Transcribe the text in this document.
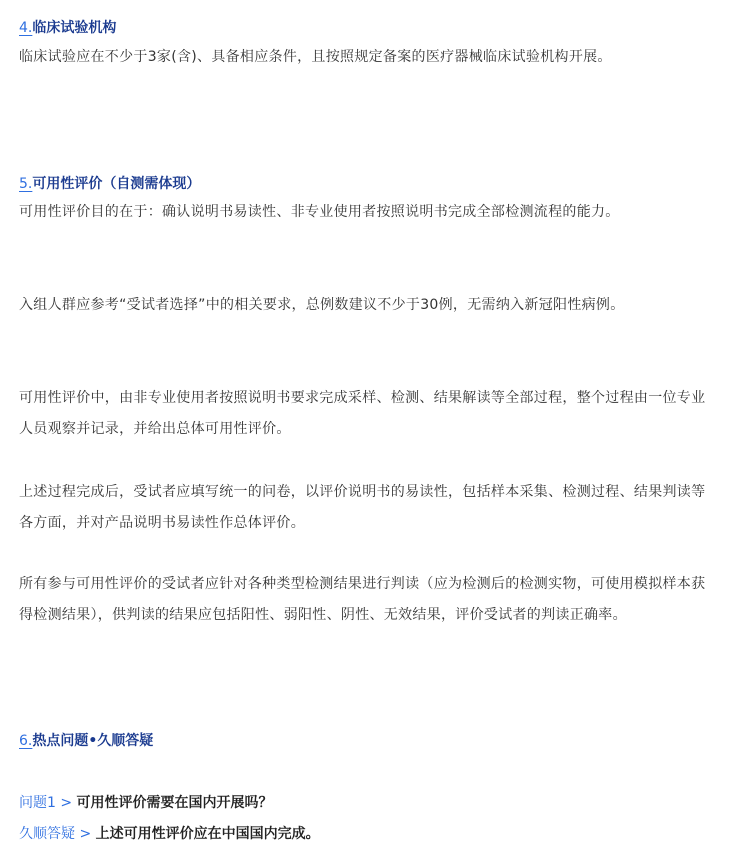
4.临床试验机构
临床试验应在不少于3家(含)、具备相应条件，且按照规定备案的医疗器械临床试验机构开展。
5.可用性评价（自测需体现）
可用性评价目的在于：确认说明书易读性、非专业使用者按照说明书完成全部检测流程的能力。
入组人群应参考“受试者选择”中的相关要求，总例数建议不少于30例，无需纳入新冠阳性病例。
可用性评价中，由非专业使用者按照说明书要求完成采样、检测、结果解读等全部过程，整个过程由一位专业人员观察并记录，并给出总体可用性评价。
上述过程完成后，受试者应填写统一的问卷，以评价说明书的易读性，包括样本采集、检测过程、结果判读等各方面，并对产品说明书易读性作总体评价。
所有参与可用性评价的受试者应针对各种类型检测结果进行判读（应为检测后的检测实物，可使用模拟样本获得检测结果），供判读的结果应包括阳性、弱阳性、阴性、无效结果，评价受试者的判读正确率。
6.热点问题•久顺答疑
问题1 > 可用性评价需要在国内开展吗？
久顺答疑 > 上述可用性评价应在中国国内完成。
